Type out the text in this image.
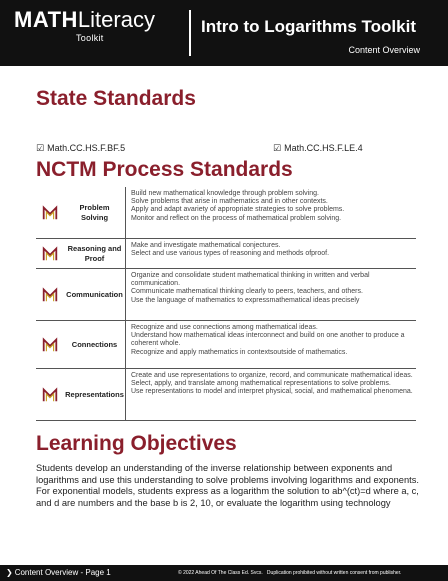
MATHLiteracy
Toolkit
Intro to Logarithms Toolkit
Content Overview
State Standards
☑ Math.CC.HS.F.BF.5	☑ Math.CC.HS.F.LE.4
NCTM Process Standards
Problem Solving
Build new mathematical knowledge through problem solving.
Solve problems that arise in mathematics and in other contexts.
Apply and adapt avariety of appropriate strategies to solve problems.
Monitor and reflect on the process of mathematical problem solving.
Reasoning and Proof
Make and investigate mathematical conjectures.
Select and use various types of reasoning and methods ofproof.
Communication
Organize and consolidate student mathematical thinking in written and verbal communication.
Communicate mathematical thinking clearly to peers, teachers, and others.
Use the language of mathematics to expressmathematical ideas precisely
Connections
Recognize and use connections among mathematical ideas.
Understand how mathematical ideas interconnect and build on one another to produce a coherent whole.
Recognize and apply mathematics in contextsoutside of mathematics.
Representations
Create and use representations to organize, record, and communicate mathematical ideas.
Select, apply, and translate among mathematical representations to solve problems.
Use representations to model and interpret physical, social, and mathematical phenomena.
Learning Objectives
Students develop an understanding of the inverse relationship between exponents and logarithms and use this understanding to solve problems involving logarithms and exponents. For exponential models, students express as a logarithm the solution to ab^(ct)=d where a, c, and d are numbers and the base b is 2, 10, or evaluate the logarithm using technology
❯ Content Overview - Page 1	© 2022 Ahead Of The Class Ed. Svcs. Duplication prohibited without written consent from publisher.
